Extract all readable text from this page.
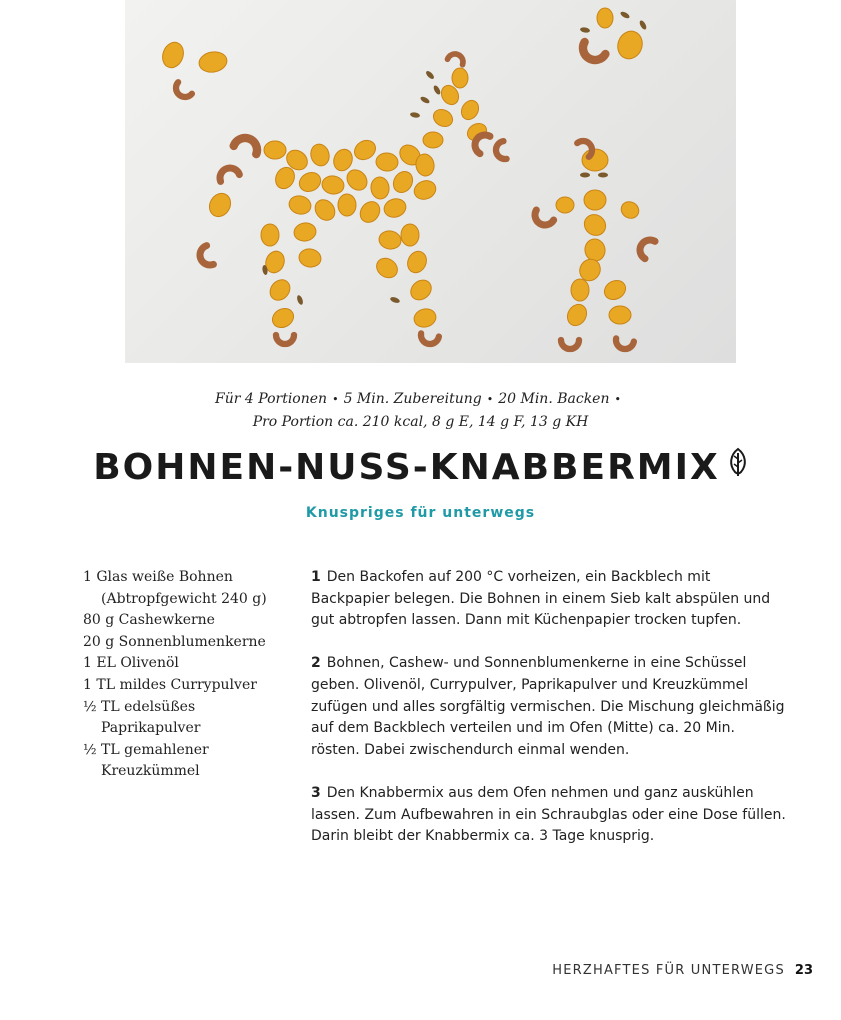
Für 4 Portionen • 5 Min. Zubereitung • 20 Min. Backen •
Pro Portion ca. 210 kcal, 8 g E, 14 g F, 13 g KH
BOHNEN-NUSS-KNABBERMIX
Knuspriges für unterwegs
1 Glas weiße Bohnen (Abtropfgewicht 240 g)
80 g Cashewkerne
20 g Sonnenblumenkerne
1 EL Olivenöl
1 TL mildes Currypulver
½ TL edelsüßes Paprikapulver
½ TL gemahlener Kreuzkümmel

1 Den Backofen auf 200 °C vorheizen, ein Backblech mit Backpapier belegen. Die Bohnen in einem Sieb kalt abspülen und gut abtropfen lassen. Dann mit Küchenpapier trocken tupfen.

2 Bohnen, Cashew- und Sonnenblumenkerne in eine Schüssel geben. Olivenöl, Currypulver, Paprikapulver und Kreuzkümmel zufügen und alles sorgfältig vermischen. Die Mischung gleichmäßig auf dem Backblech verteilen und im Ofen (Mitte) ca. 20 Min. rösten. Dabei zwischendurch einmal wenden.

3 Den Knabbermix aus dem Ofen nehmen und ganz auskühlen lassen. Zum Aufbewahren in ein Schraubglas oder eine Dose füllen. Darin bleibt der Knabbermix ca. 3 Tage knusprig.

HERZHAFTES FÜR UNTERWEGS 23
